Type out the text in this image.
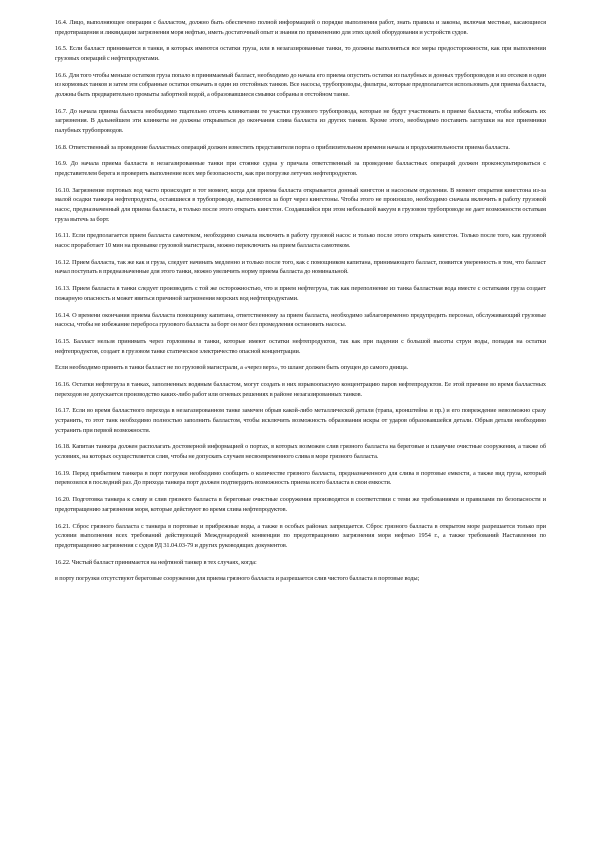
16.4. Лицо, выполняющее операции с балластом, должно быть обеспечено полной информацией о порядке выполнения работ, знать правила и законы, включая местные, касающиеся предотвращения и ликвидации загрязнения моря нефтью, иметь достаточный опыт и знания по применению для этих целей оборудования и устройств судов.

16.5. Если балласт принимается в танки, в которых имеются остатки груза, или в незагазированные танки, то должны выполняться все меры предосторожности, как при выполнении грузовых операций с нефтепродуктами.

16.6. Для того чтобы меньше остатков груза попало в принимаемый балласт, необходимо до начала его приема опустить остатки из палубных и донных трубопроводов и из отсеков в один из кормовых танков и затем эти собранные остатки откачать в один из отстойных танков. Все насосы, трубопроводы, фильтры, которые предполагается использовать для приема балласта, должны быть предварительно промыты забортной водой, а образовавшиеся смывки собраны в отстойном танке.

16.7. До начала приема балласта необходимо тщательно отсечь клинкетами те участки грузового трубопровода, которые не будут участвовать в приеме балласта, чтобы избежать их загрязнения. В дальнейшем эти клинкеты не должны открываться до окончания слива балласта из других танков. Кроме этого, необходимо поставить заглушки на все приемники палубных трубопроводов.

16.8. Ответственный за проведение балластных операций должен известить представителя порта о приблизительном времени начала и продолжительности приема балласта.

16.9. До начала приема балласта в незагазированные танки при стоянке судна у причала ответственный за проведение балластных операций должен проконсультироваться с представителем берега и проверить выполнение всех мер безопасности, как при погрузке летучих нефтепродуктов.

16.10. Загрязнение портовых вод часто происходит в тот момент, когда для приема балласта открывается донный кингстон и насосным отделении. В момент открытия кингстона из-за малой осадки танкера нефтепродукты, оставшиеся в трубопроводе, вытесняются за борт через кингстоны. Чтобы этого не произошло, необходимо сначала включить в работу грузовой насос, предназначенный для приема балласта, и только после этого открыть кингстон. Создавшийся при этом небольшой вакуум в грузовом трубопроводе не дает возможности остаткам груза вытечь за борт.

16.11. Если предполагается прием балласта самотеком, необходимо сначала включить в работу грузовой насос и только после этого открыть кингстон. Только после того, как грузовой насос проработает 10 мин на промывке грузовой магистрали, можно переключить на прием балласта самотеком.

16.12. Прием балласта, так же как и груза, следует начинать медленно и только после того, как с помощником капитана, принимающего балласт, появится уверенность в том, что балласт начал поступать в предназначенные для этого танки, можно увеличить норму приема балласта до номинальной.

16.13. Прием балласта в танки следует производить с той же осторожностью, что и прием нефтегруза, так как переполнение из танка балластная вода вместе с остатками груза создает пожарную опасность и может явиться причиной загрязнения морских вод нефтепродуктами.

16.14. О времени окончания приема балласта помощнику капитана, ответственному за прием балласта, необходимо заблаговременно предупредить персонал, обслуживающий грузовые насосы, чтобы не избежание переброса грузового балласта за борт он мог без промедления остановить насосы.

16.15. Балласт нельзя принимать через горловины в танки, которые имеют остатки нефтепродуктов, так как при падении с большой высоты струи воды, попадая на остатки нефтепродуктов, создает в грузовом танке статическое электричество опасной концентрации.

Если необходимо принять в танки балласт не по грузовой магистрали, а «через верх», то шланг должен быть опущен до самого днища.

16.16. Остатки нефтегруза в танках, заполненных водяным балластом, могут создать в них взрывоопасную концентрацию паров нефтепродуктов. Ее этой причине во время балластных переходов не допускается производство каких-либо работ или огневых решениях в районе незагазированных танков.

16.17. Если во время балластного перехода в незагазированном танке замечен обрыв какой-либо металлической детали (трапа, кронштейна и пр.) и его повреждение невозможно сразу устранить, то этот танк необходимо полностью заполнить балластом, чтобы исключить возможность образования искры от ударов образовавшейся детали. Обрыв детали необходимо устранить при первой возможности.

16.18. Капитан танкера должен располагать достоверной информацией о портах, в которых возможен слив грязного балласта на береговые и плавучие очистные сооружения, а также об условиях, на которых осуществляется слив, чтобы не допускать случаев несвоевременного слива в море грязного балласта.

16.19. Перед прибытием танкера в порт погрузки необходимо сообщить о количестве грязного балласта, предназначенного для слива в портовые емкости, а также вид груза, который перевозился в последний раз. До прихода танкера порт должен подтвердить возможность приема всего балласта в свои емкости.

16.20. Подготовка танкера к сливу и слив грязного балласта в береговые очистные сооружения производятся в соответствии с теми же требованиями и правилами по безопасности и предотвращению загрязнения моря, которые действуют во время слива нефтепродуктов.

16.21. Сброс грязного балласта с танкера в портовые и прибрежные воды, а также в особых районах запрещается. Сброс грязного балласта в открытом море разрешается только при условии выполнения всех требований действующей Международной конвенции по предотвращению загрязнения моря нефтью 1954 г., а также требований Наставления по предотвращению загрязнения с судов РД 31.04.03-79 и других руководящих документов.

16.22. Чистый балласт принимается на нефтяной танкер в тех случаях, когда:

в порту погрузки отсутствуют береговые сооружения для приема грязного балласта и разрешается слив чистого балласта в портовые воды;
